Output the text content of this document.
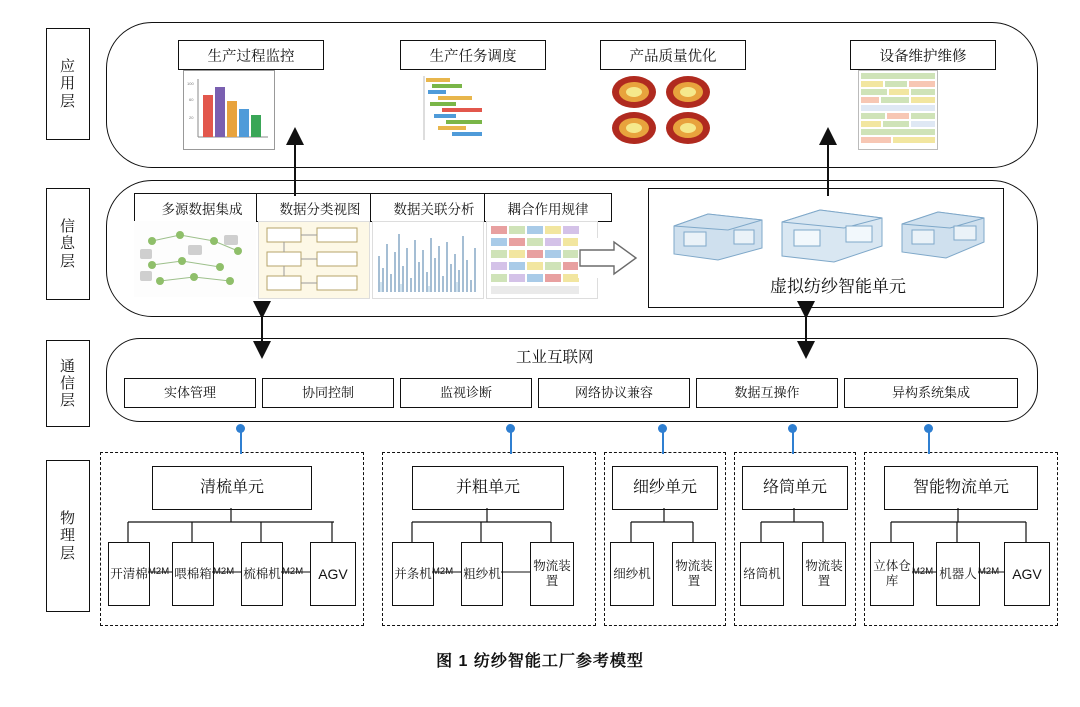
应用层
信息层
通信层
物理层
生产过程监控
100
60
20
生产任务调度	产品质量优化	设备维护维修
多源数据集成	数据分类视图 数据关联分析 耦合作用规律
虚拟纺纱智能单元
工业互联网
实体管理	协同控制	监视诊断	网络协议兼容	数据互操作	异构系统集成
清梳单元
开清棉 喂棉箱	梳棉机	AGV
M2M	M2M	M2M
并粗单元
并条机	粗纱机
物流装置
M2M
细纱单元
细纱机
物流装置
络筒单元
络筒机
物流装置
智能物流单元
立体仓库
机器人	AGV
M2M	M2M
图 1 纺纱智能工厂参考模型
